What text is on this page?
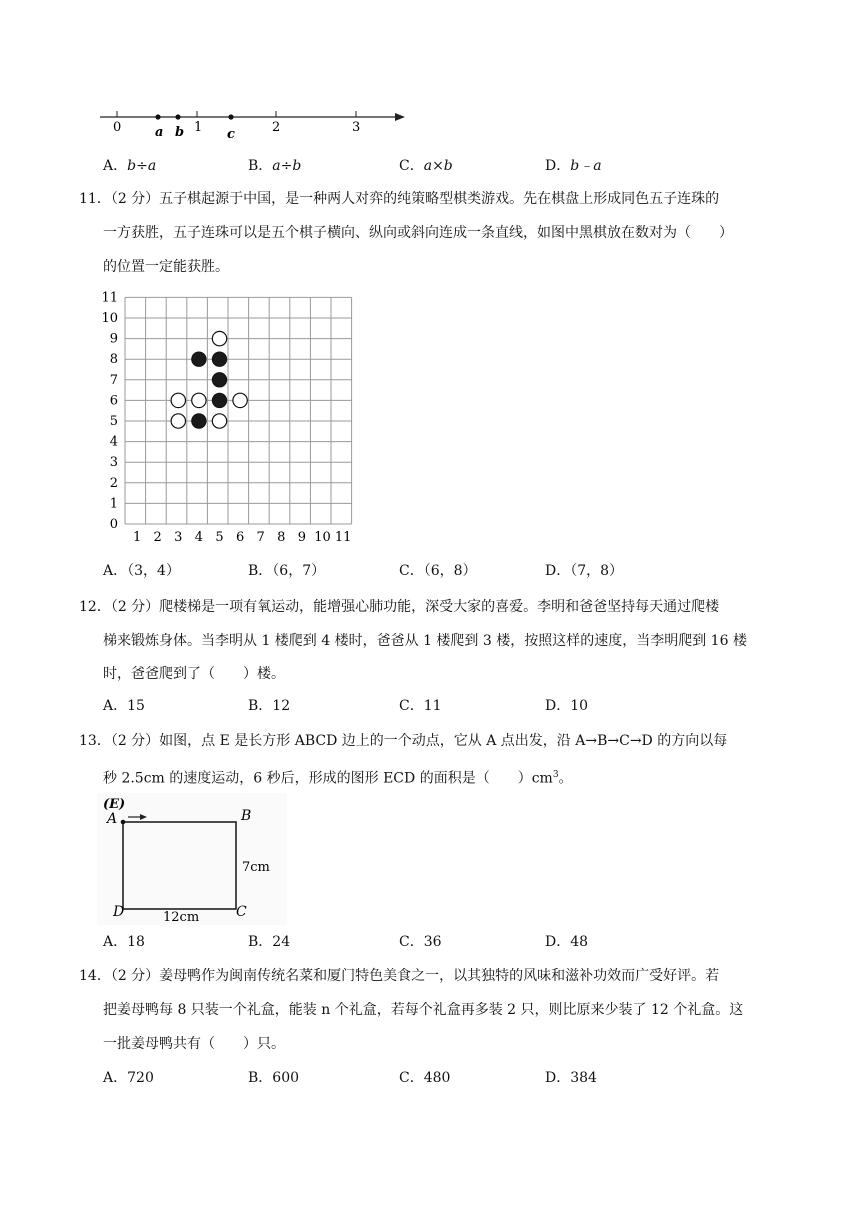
0	1	2	3
a b	c
A．b÷a	B．a÷b	C．a×b	D．b﹣a
11．（2 分）五子棋起源于中国，是一种两人对弈的纯策略型棋类游戏。先在棋盘上形成同色五子连珠的
一方获胜，五子连珠可以是五个棋子横向、纵向或斜向连成一条直线，如图中黑棋放在数对为（　　）
的位置一定能获胜。
11
10
9
8
7
6
5
4
3
2
1
0
1 2 3 4 5 6 7 8 9 10 11
A．（3，4）	B．（6，7）	C．（6，8）	D．（7，8）
12．（2 分）爬楼梯是一项有氧运动，能增强心肺功能，深受大家的喜爱。李明和爸爸坚持每天通过爬楼
梯来锻炼身体。当李明从 1 楼爬到 4 楼时，爸爸从 1 楼爬到 3 楼，按照这样的速度，当李明爬到 16 楼
时，爸爸爬到了（　　）楼。
A．15	B．12	C．11	D．10
13．（2 分）如图，点 E 是长方形 ABCD 边上的一个动点，它从 A 点出发，沿 A→B→C→D 的方向以每
秒 2.5cm 的速度运动，6 秒后，形成的图形 ECD 的面积是（　　）$cm^3$。
(E)
A	B
7cm
D	12cm	C
A．18	B．24	C．36	D．48
14．（2 分）姜母鸭作为闽南传统名菜和厦门特色美食之一，以其独特的风味和滋补功效而广受好评。若
把姜母鸭每 8 只装一个礼盒，能装 n 个礼盒，若每个礼盒再多装 2 只，则比原来少装了 12 个礼盒。这
一批姜母鸭共有（　　）只。
A．720	B．600	C．480	D．384
